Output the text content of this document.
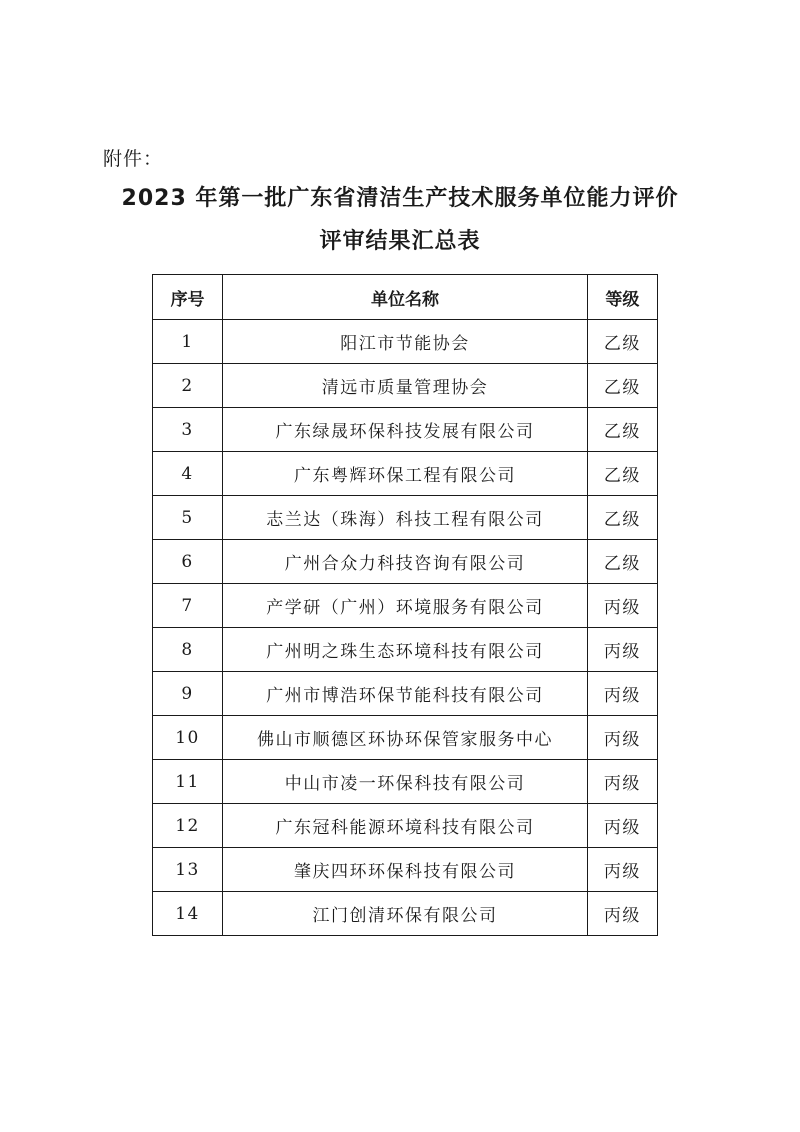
附件：
2023 年第一批广东省清洁生产技术服务单位能力评价
评审结果汇总表
序号	单位名称	等级
1	阳江市节能协会	乙级
2	清远市质量管理协会	乙级
3	广东绿晟环保科技发展有限公司	乙级
4	广东粤辉环保工程有限公司	乙级
5	志兰达（珠海）科技工程有限公司	乙级
6	广州合众力科技咨询有限公司	乙级
7	产学研（广州）环境服务有限公司	丙级
8	广州明之珠生态环境科技有限公司	丙级
9	广州市博浩环保节能科技有限公司	丙级
10	佛山市顺德区环协环保管家服务中心	丙级
11	中山市凌一环保科技有限公司	丙级
12	广东冠科能源环境科技有限公司	丙级
13	肇庆四环环保科技有限公司	丙级
14	江门创清环保有限公司	丙级
